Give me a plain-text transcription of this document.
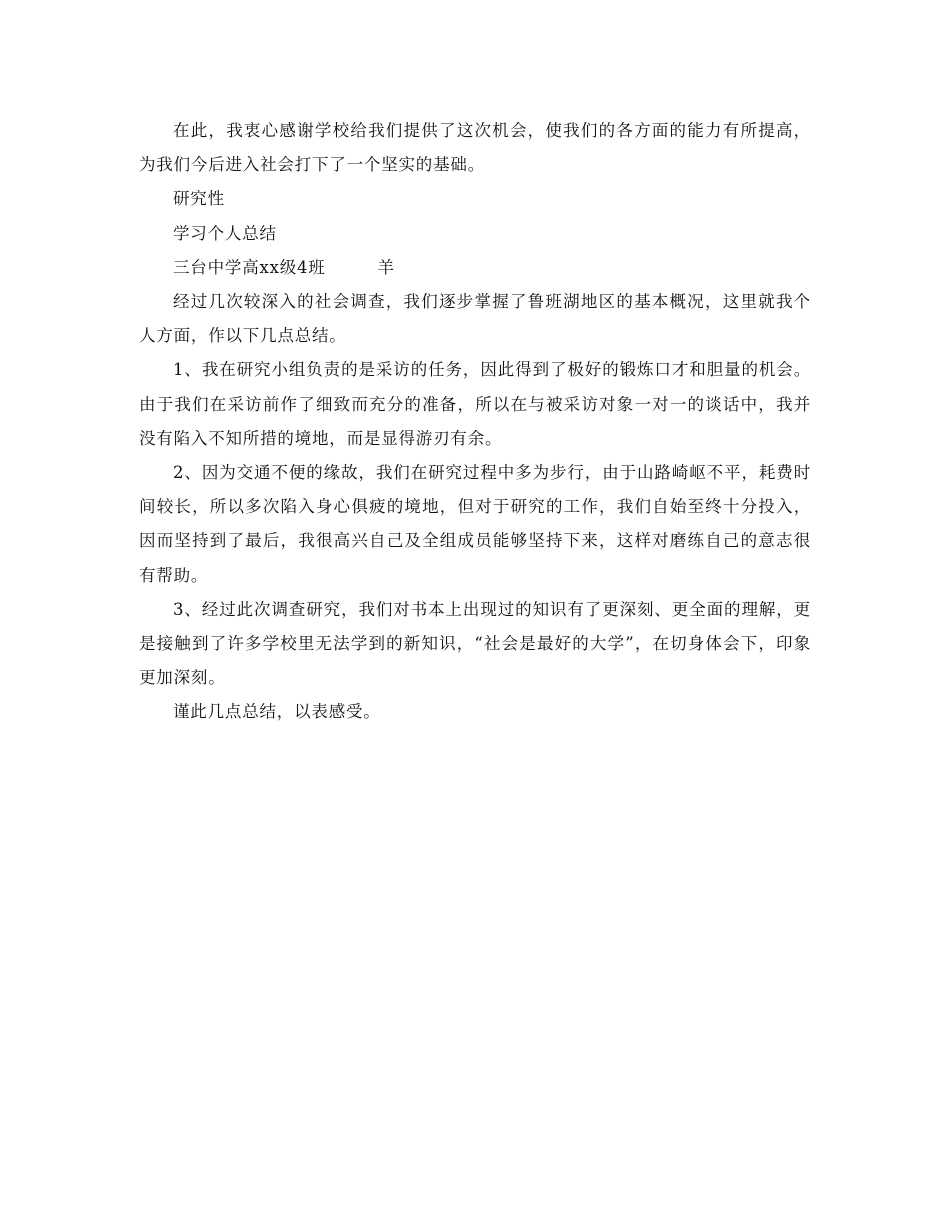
在此，我衷心感谢学校给我们提供了这次机会，使我们的各方面的能力有所提高，为我们今后进入社会打下了一个坚实的基础。

研究性

学习个人总结

三台中学高xx级4班　　　羊

经过几次较深入的社会调查，我们逐步掌握了鲁班湖地区的基本概况，这里就我个人方面，作以下几点总结。

1、我在研究小组负责的是采访的任务，因此得到了极好的锻炼口才和胆量的机会。由于我们在采访前作了细致而充分的准备，所以在与被采访对象一对一的谈话中，我并没有陷入不知所措的境地，而是显得游刃有余。

2、因为交通不便的缘故，我们在研究过程中多为步行，由于山路崎岖不平，耗费时间较长，所以多次陷入身心俱疲的境地，但对于研究的工作，我们自始至终十分投入，因而坚持到了最后，我很高兴自己及全组成员能够坚持下来，这样对磨练自己的意志很有帮助。

3、经过此次调查研究，我们对书本上出现过的知识有了更深刻、更全面的理解，更是接触到了许多学校里无法学到的新知识，“社会是最好的大学”，在切身体会下，印象更加深刻。

谨此几点总结，以表感受。
